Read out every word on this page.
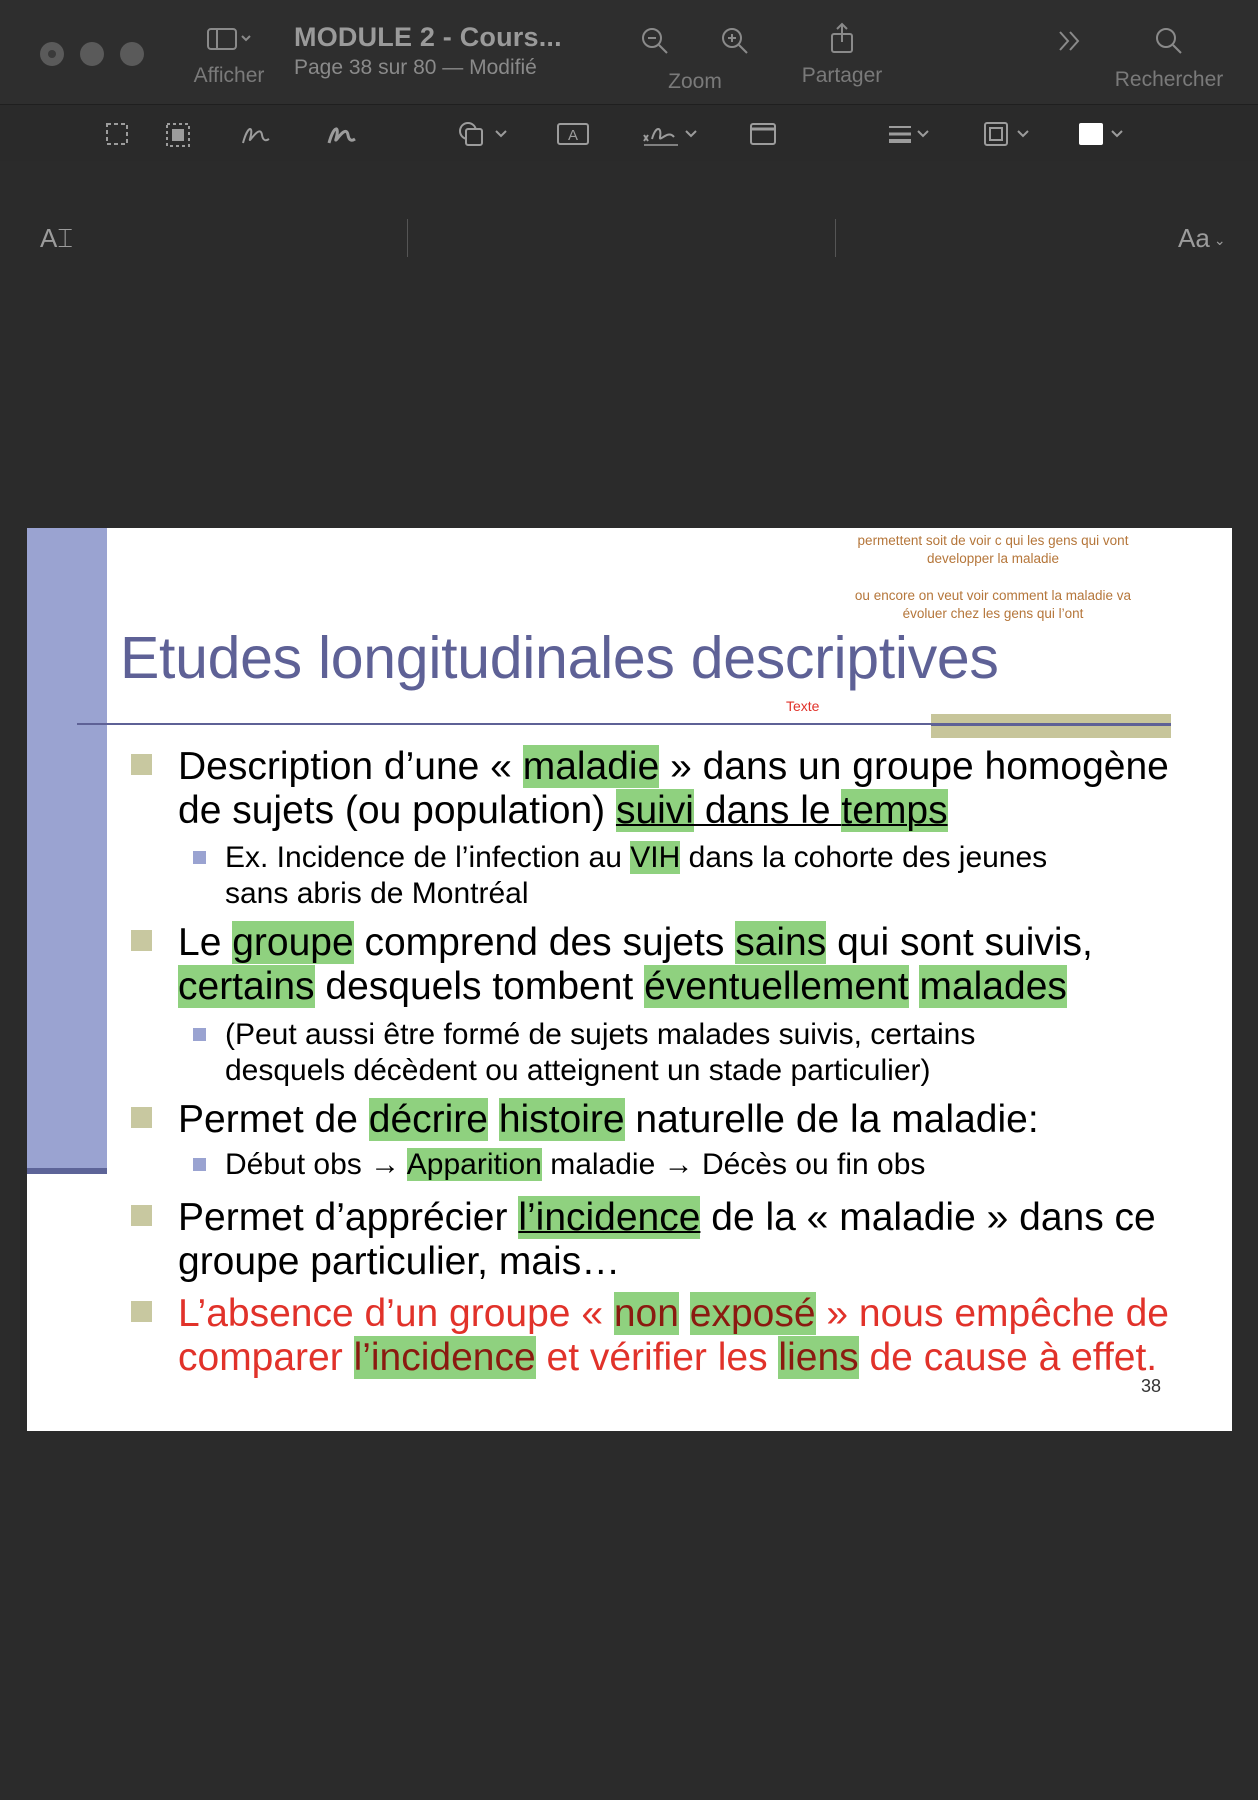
Afficher
MODULE 2 - Cours...
Page 38 sur 80 — Modifié
Zoom	Partager	Rechercher
A⌶
A
Aa ⌄
permettent soit de voir c qui les gens qui vont
developper la maladie
ou encore on veut voir comment la maladie va
évoluer chez les gens qui l’ont
Etudes longitudinales descriptives
Texte
Description d’une « maladie » dans un groupe homogène
de sujets (ou population) suivi dans le temps
Ex. Incidence de l’infection au VIH dans la cohorte des jeunes
sans abris de Montréal
Le groupe comprend des sujets sains qui sont suivis,
certains desquels tombent éventuellement malades
(Peut aussi être formé de sujets malades suivis, certains
desquels décèdent ou atteignent un stade particulier)
Permet de décrire histoire naturelle de la maladie:
Début obs → Apparition maladie → Décès ou fin obs
Permet d’apprécier l’incidence de la « maladie » dans ce
groupe particulier, mais…
L’absence d’un groupe « non exposé » nous empêche de
comparer l’incidence et vérifier les liens de cause à effet.
38
